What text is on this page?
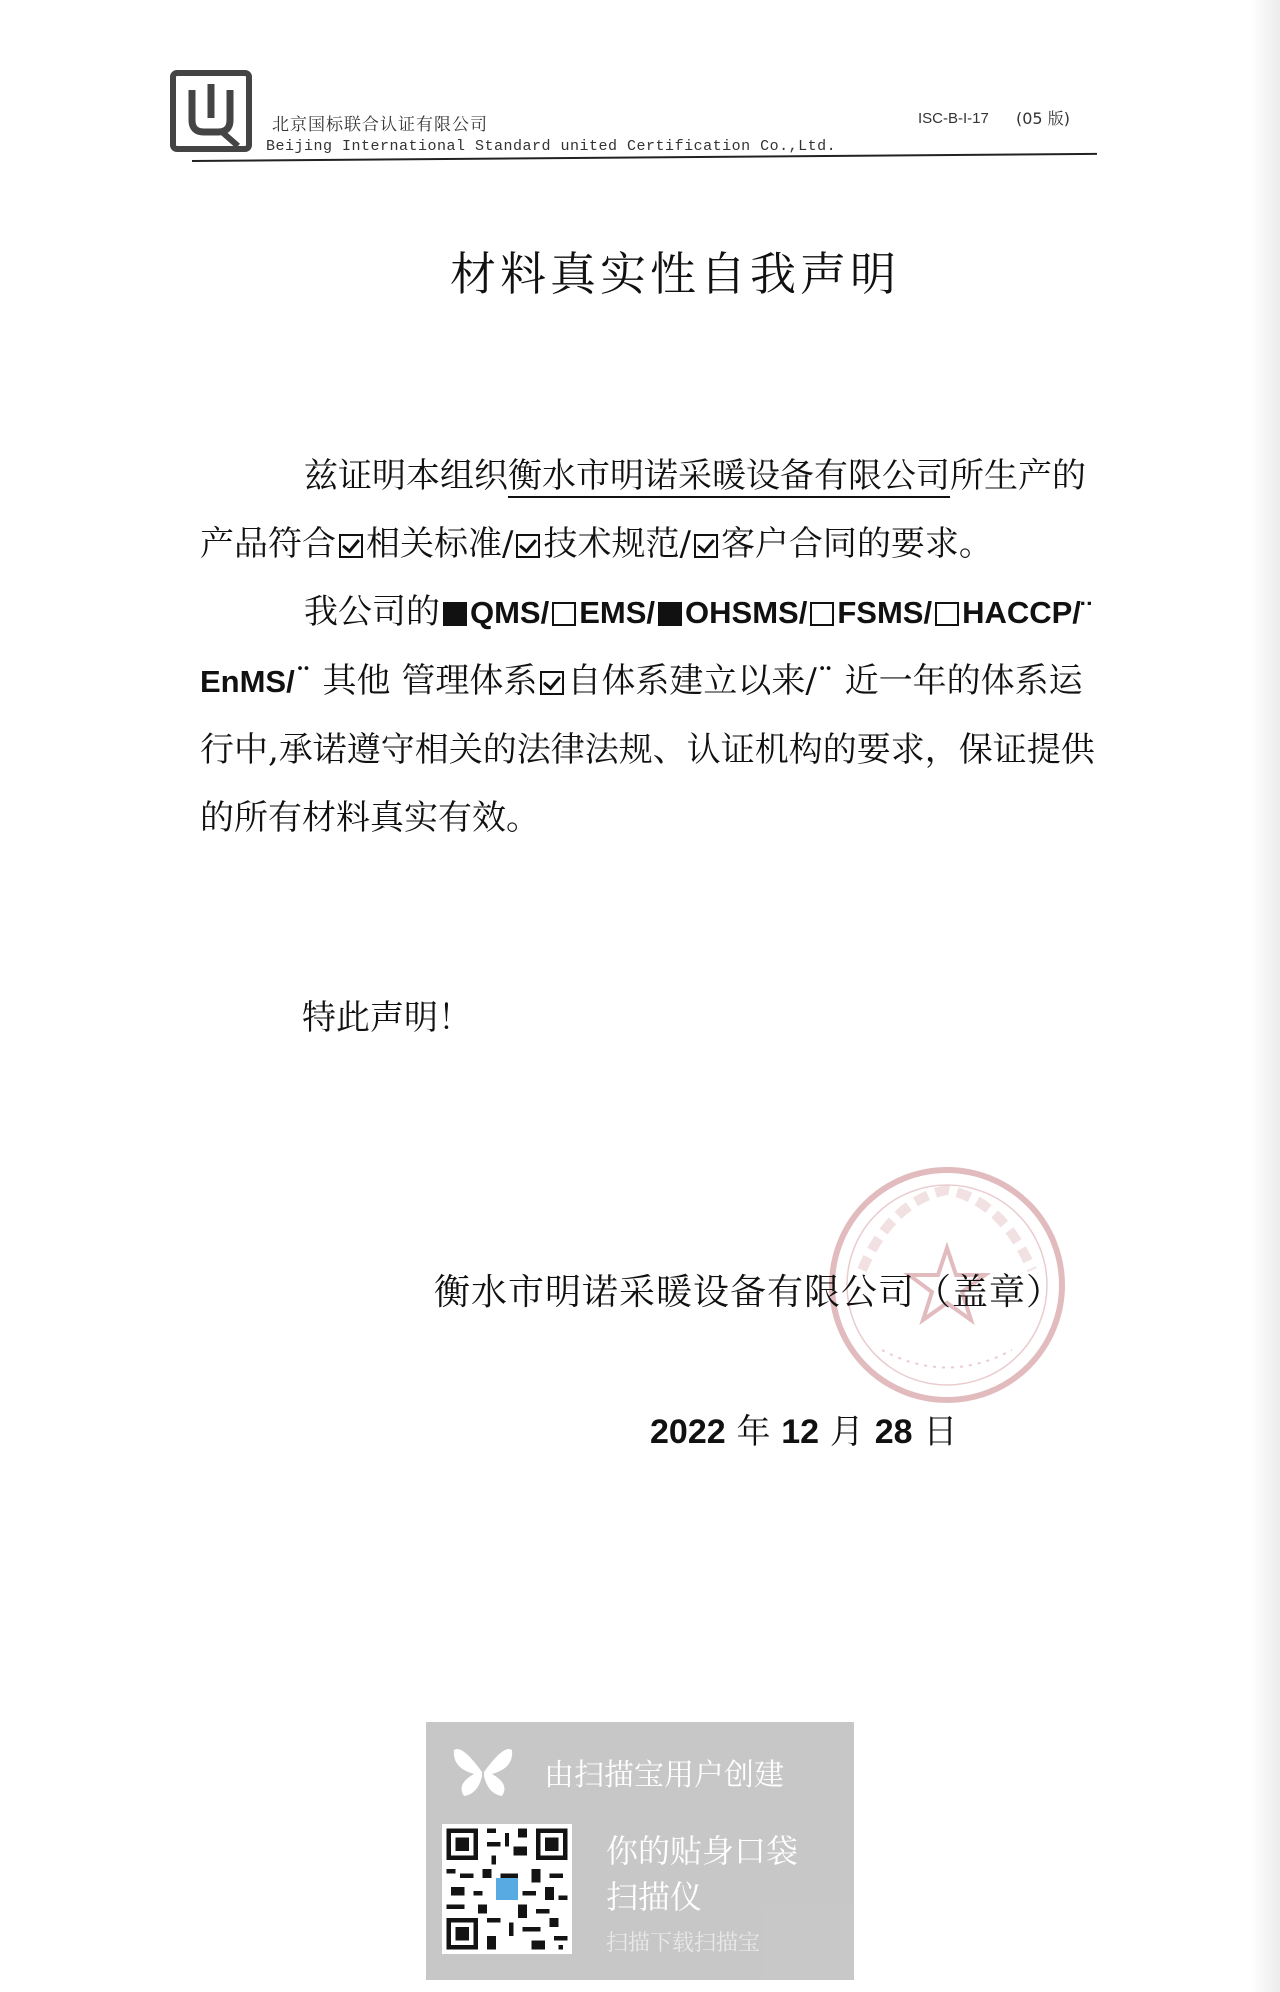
北京国标联合认证有限公司
Beijing International Standard united Certification Co.,Ltd.
ISC-B-I-17 (05 版)
材料真实性自我声明

兹证明本组织衡水市明诺采暖设备有限公司所生产的产品符合 相关标准/ 技术规范/ 客户合同的要求。

我公司的 QMS/ EMS/ OHSMS/ FSMS/ HACCP/¨ EnMS/¨ 其他 管理体系 自体系建立以来/¨ 近一年的体系运行中,承诺遵守相关的法律法规、认证机构的要求，保证提供的所有材料真实有效。

特此声明！
衡水市明诺采暖设备有限公司（盖章）
2022 年 12 月 28 日
由扫描宝用户创建
你的贴身口袋
扫描仪
扫描下载扫描宝
